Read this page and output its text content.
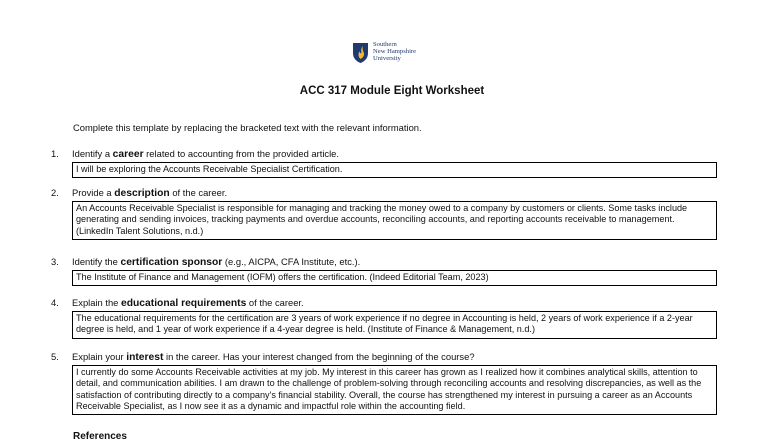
Southern
New Hampshire
University
ACC 317 Module Eight Worksheet
Complete this template by replacing the bracketed text with the relevant information.
1. Identify a career related to accounting from the provided article.
I will be exploring the Accounts Receivable Specialist Certification.
2. Provide a description of the career.
An Accounts Receivable Specialist is responsible for managing and tracking the money owed to a company by customers or clients. Some tasks include generating and sending invoices, tracking payments and overdue accounts, reconciling accounts, and reporting accounts receivable to management. (LinkedIn Talent Solutions, n.d.)
3. Identify the certification sponsor (e.g., AICPA, CFA Institute, etc.).
The Institute of Finance and Management (IOFM) offers the certification. (Indeed Editorial Team, 2023)
4. Explain the educational requirements of the career.
The educational requirements for the certification are 3 years of work experience if no degree in Accounting is held, 2 years of work experience if a 2-year degree is held, and 1 year of work experience if a 4-year degree is held. (Institute of Finance & Management, n.d.)
5. Explain your interest in the career. Has your interest changed from the beginning of the course?
I currently do some Accounts Receivable activities at my job. My interest in this career has grown as I realized how it combines analytical skills, attention to detail, and communication abilities. I am drawn to the challenge of problem-solving through reconciling accounts and resolving discrepancies, as well as the satisfaction of contributing directly to a company's financial stability. Overall, the course has strengthened my interest in pursuing a career as an Accounts Receivable Specialist, as I now see it as a dynamic and impactful role within the accounting field.
References
